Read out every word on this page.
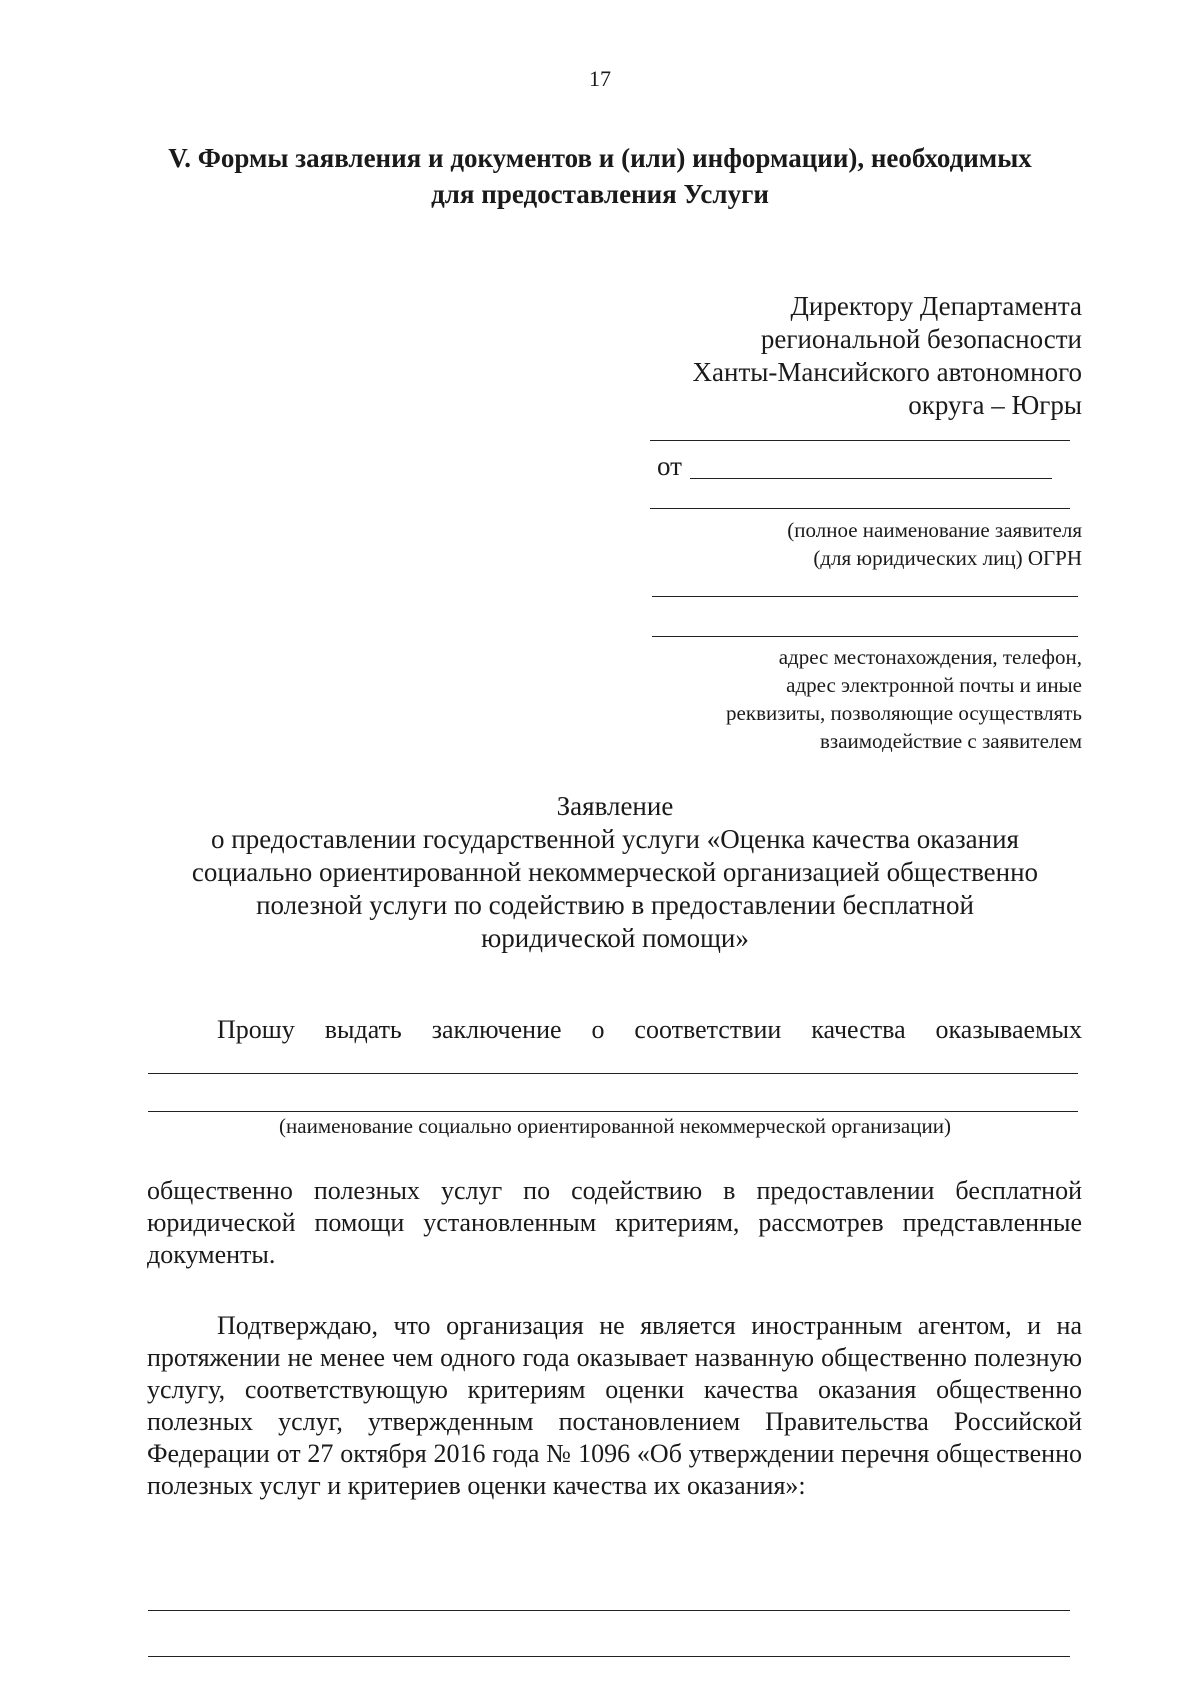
17
V. Формы заявления и документов и (или) информации), необходимых
для предоставления Услуги
Директору Департамента
региональной безопасности
Ханты-Мансийского автономного
округа – Югры
от
(полное наименование заявителя
(для юридических лиц) ОГРН
адрес местонахождения, телефон,
адрес электронной почты и иные
реквизиты, позволяющие осуществлять
взаимодействие с заявителем
Заявление
о предоставлении государственной услуги «Оценка качества оказания
социально ориентированной некоммерческой организацией общественно
полезной услуги по содействию в предоставлении бесплатной
юридической помощи»
Прошу выдать заключение о соответствии качества оказываемых
(наименование социально ориентированной некоммерческой организации)
общественно полезных услуг по содействию в предоставлении бесплатной юридической помощи установленным критериям, рассмотрев представленные документы.
Подтверждаю, что организация не является иностранным агентом, и на протяжении не менее чем одного года оказывает названную общественно полезную услугу, соответствующую критериям оценки качества оказания общественно полезных услуг, утвержденным постановлением Правительства Российской Федерации от 27 октября 2016 года № 1096 «Об утверждении перечня общественно полезных услуг и критериев оценки качества их оказания»:
